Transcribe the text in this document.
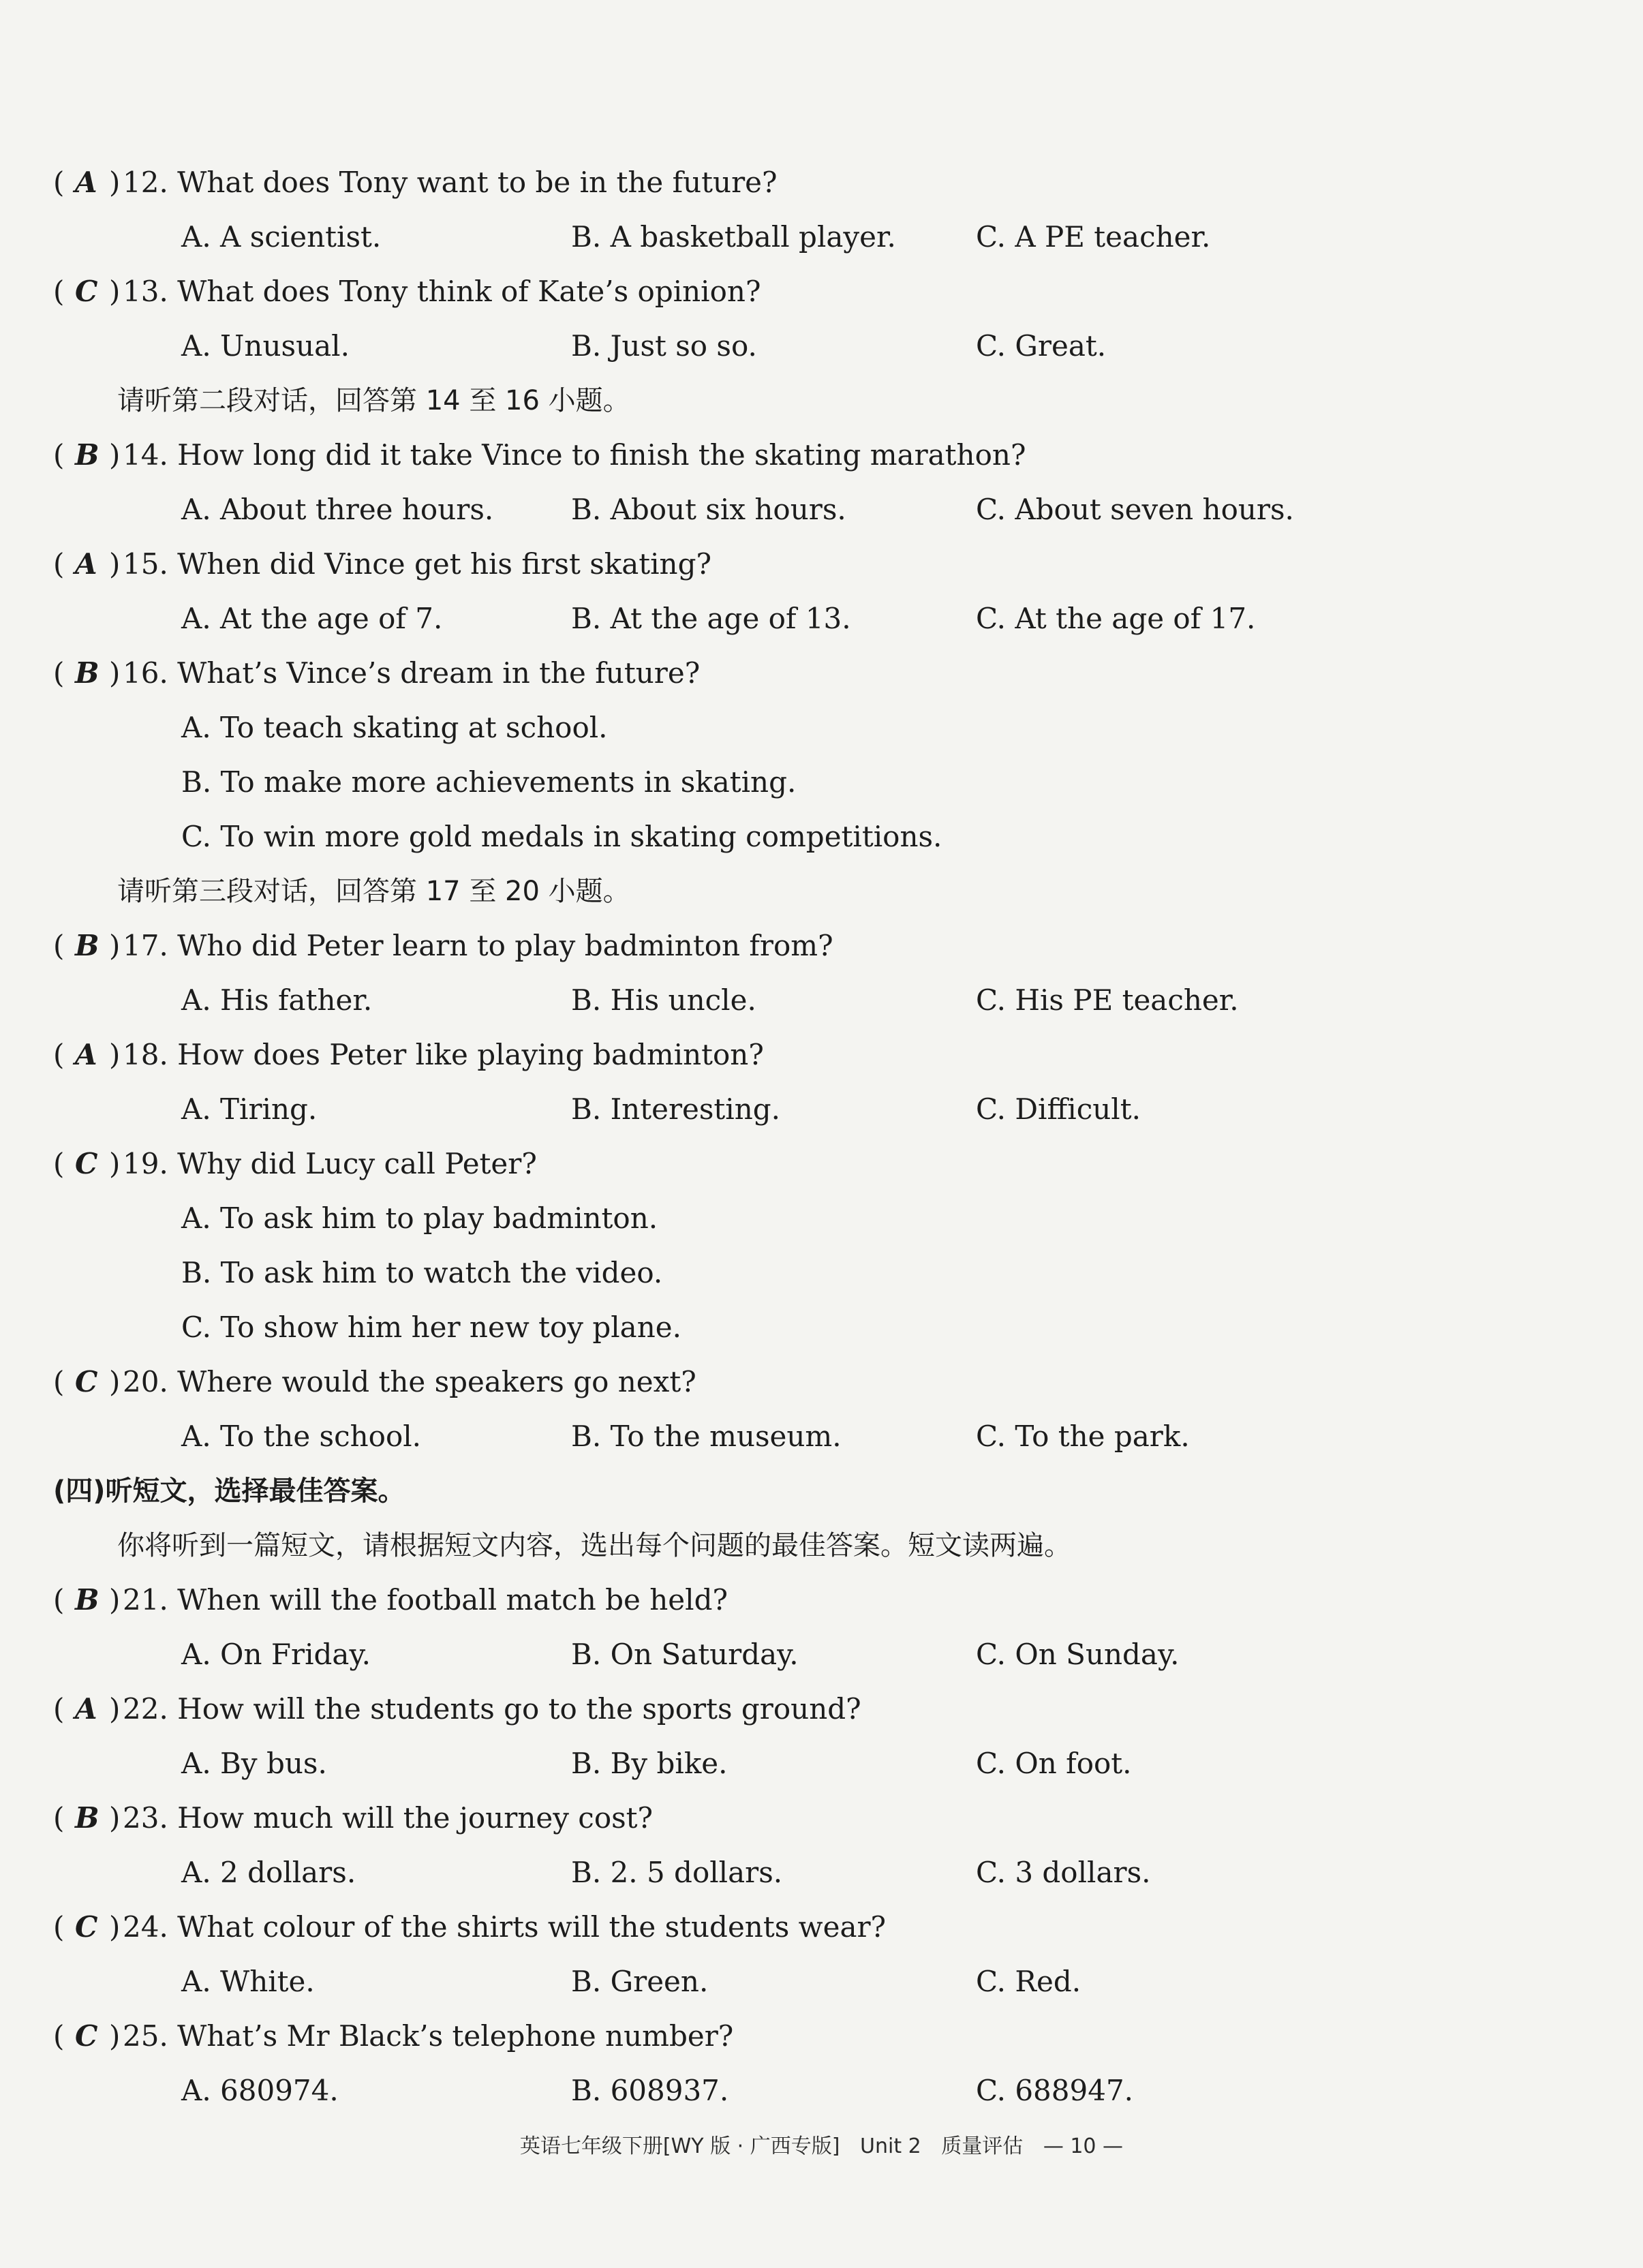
( A ) 12. What does Tony want to be in the future?
A. A scientist.	B. A basketball player.	C. A PE teacher.
( C ) 13. What does Tony think of Kate’s opinion?
A. Unusual.	B. Just so so.	C. Great.
请听第二段对话，回答第 14 至 16 小题。
( B ) 14. How long did it take Vince to finish the skating marathon?
A. About three hours.	B. About six hours.	C. About seven hours.
( A ) 15. When did Vince get his first skating?
A. At the age of 7.	B. At the age of 13.	C. At the age of 17.
( B ) 16. What’s Vince’s dream in the future?
A. To teach skating at school.
B. To make more achievements in skating.
C. To win more gold medals in skating competitions.
请听第三段对话，回答第 17 至 20 小题。
( B ) 17. Who did Peter learn to play badminton from?
A. His father.	B. His uncle.	C. His PE teacher.
( A ) 18. How does Peter like playing badminton?
A. Tiring.	B. Interesting.	C. Difficult.
( C ) 19. Why did Lucy call Peter?
A. To ask him to play badminton.
B. To ask him to watch the video.
C. To show him her new toy plane.
( C ) 20. Where would the speakers go next?
A. To the school.	B. To the museum.	C. To the park.
(四)听短文，选择最佳答案。
你将听到一篇短文，请根据短文内容，选出每个问题的最佳答案。短文读两遍。
( B ) 21. When will the football match be held?
A. On Friday.	B. On Saturday.	C. On Sunday.
( A ) 22. How will the students go to the sports ground?
A. By bus.	B. By bike.	C. On foot.
( B ) 23. How much will the journey cost?
A. 2 dollars.	B. 2. 5 dollars.	C. 3 dollars.
( C ) 24. What colour of the shirts will the students wear?
A. White.	B. Green.	C. Red.
( C ) 25. What’s Mr Black’s telephone number?
A. 680974.	B. 608937.	C. 688947.
英语七年级下册[WY 版 · 广西专版] Unit 2 质量评估 — 10 —
